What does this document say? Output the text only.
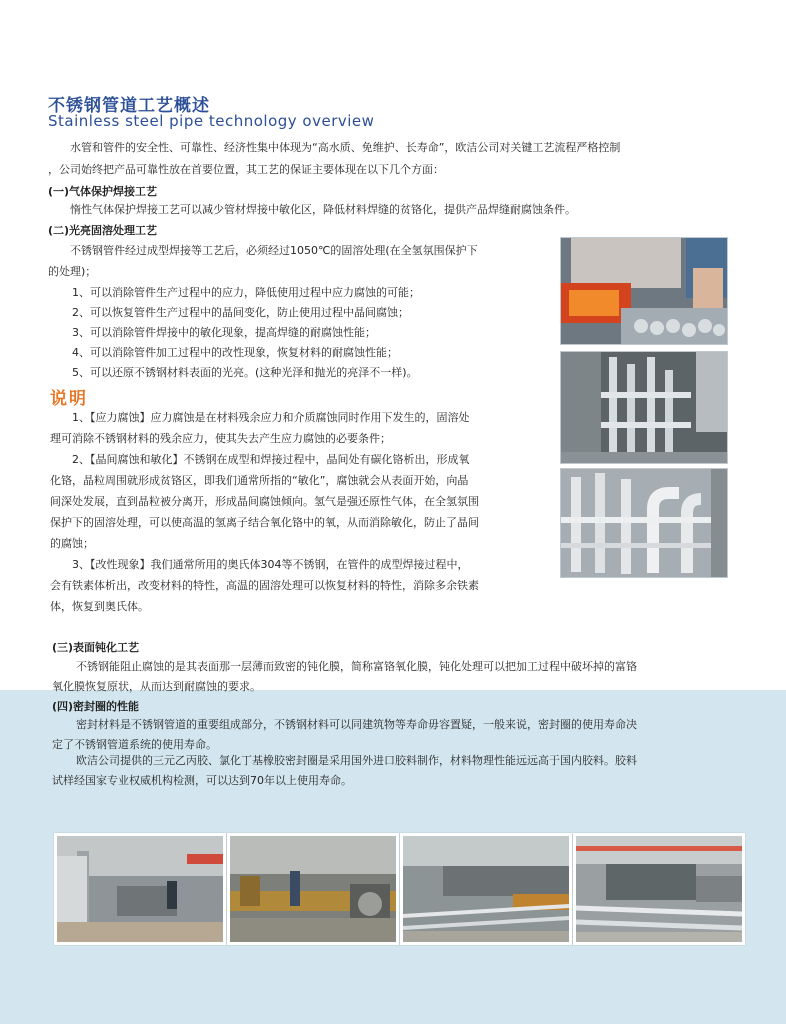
不锈钢管道工艺概述
Stainless steel pipe technology overview
水管和管件的安全性、可靠性、经济性集中体现为“高水质、免维护、长寿命”，欧洁公司对关键工艺流程严格控制
，公司始终把产品可靠性放在首要位置，其工艺的保证主要体现在以下几个方面：
(一)气体保护焊接工艺
惰性气体保护焊接工艺可以减少管材焊接中敏化区，降低材料焊缝的贫铬化，提供产品焊缝耐腐蚀条件。
(二)光亮固溶处理工艺
不锈钢管件经过成型焊接等工艺后，必须经过1050℃的固溶处理(在全氢氛围保护下
的处理)；
1、可以消除管件生产过程中的应力，降低使用过程中应力腐蚀的可能；
2、可以恢复管件生产过程中的晶间变化，防止使用过程中晶间腐蚀；
3、可以消除管件焊接中的敏化现象，提高焊缝的耐腐蚀性能；
4、可以消除管件加工过程中的改性现象，恢复材料的耐腐蚀性能；
5、可以还原不锈钢材料表面的光亮。(这种光泽和抛光的亮泽不一样)。
说明
1、【应力腐蚀】应力腐蚀是在材料残余应力和介质腐蚀同时作用下发生的，固溶处
理可消除不锈钢材料的残余应力，使其失去产生应力腐蚀的必要条件；
2、【晶间腐蚀和敏化】不锈钢在成型和焊接过程中，晶间处有碳化铬析出，形成氧
化铬，晶粒周围就形成贫铬区，即我们通常所指的“敏化”，腐蚀就会从表面开始，向晶
间深处发展，直到晶粒被分离开，形成晶间腐蚀倾向。氢气是强还原性气体，在全氢氛围
保护下的固溶处理，可以使高温的氢离子结合氧化铬中的氧，从而消除敏化，防止了晶间
的腐蚀；
3、【改性现象】我们通常所用的奥氏体304等不锈钢，在管件的成型焊接过程中，
会有铁素体析出，改变材料的特性，高温的固溶处理可以恢复材料的特性，消除多余铁素
体，恢复到奥氏体。
(三)表面钝化工艺
不锈钢能阻止腐蚀的是其表面那一层薄而致密的钝化膜，简称富铬氧化膜，钝化处理可以把加工过程中破坏掉的富铬
氧化膜恢复原状，从而达到耐腐蚀的要求。
(四)密封圈的性能
密封材料是不锈钢管道的重要组成部分，不锈钢材料可以同建筑物等寿命毋容置疑，一般来说，密封圈的使用寿命决
定了不锈钢管道系统的使用寿命。
欧洁公司提供的三元乙丙胶、氯化丁基橡胶密封圈是采用国外进口胶料制作，材料物理性能远远高于国内胶料。胶料
试样经国家专业权威机构检测，可以达到70年以上使用寿命。
